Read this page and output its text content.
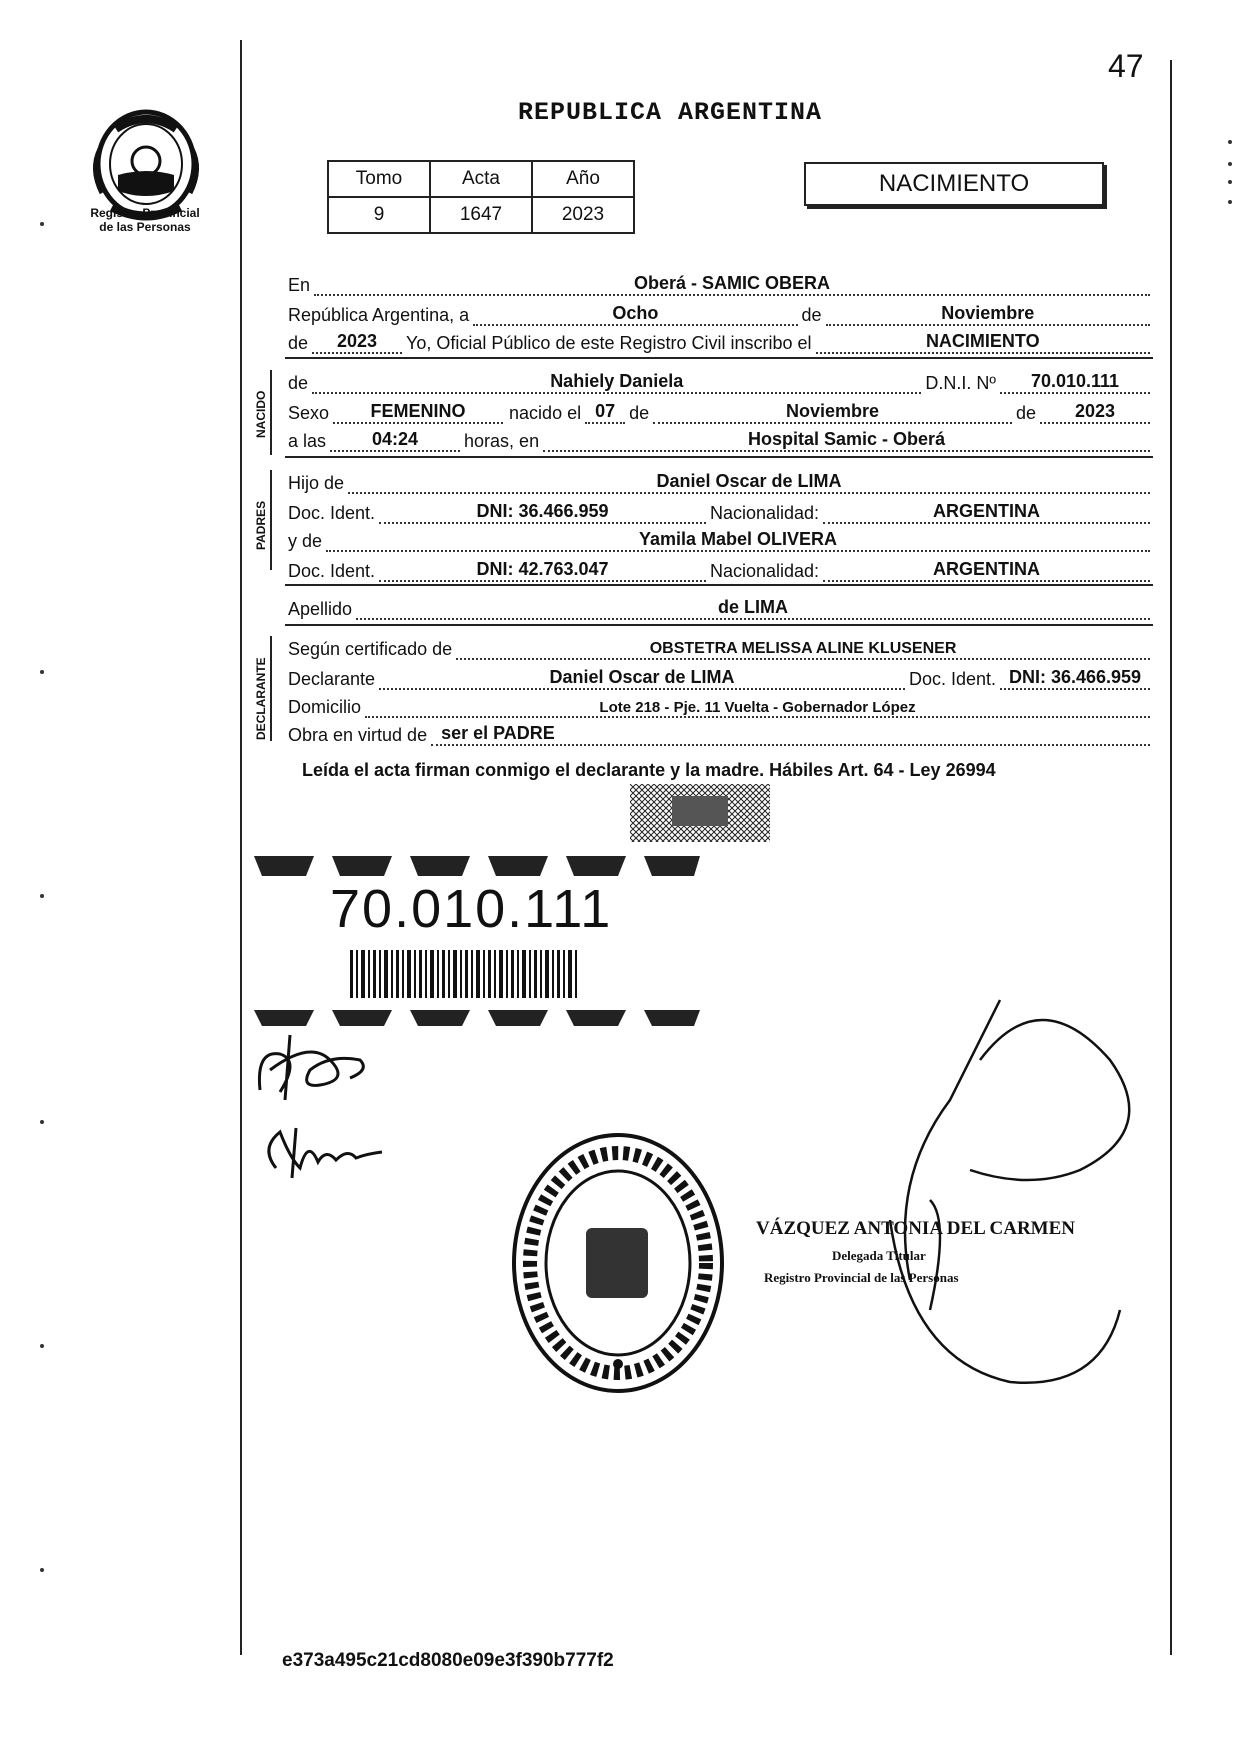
47
Registro Provincial
de las Personas
REPUBLICA ARGENTINA
Tomo	Acta	Año
9	1647	2023
NACIMIENTO
En	Oberá - SAMIC OBERA
República Argentina, a	Ocho	de	Noviembre
de	2023	Yo, Oficial Público de este Registro Civil inscribo el	NACIMIENTO
NACIDO
de	Nahiely Daniela	D.N.I. Nº	70.010.111
Sexo	FEMENINO	nacido el 07 de	Noviembre	de	2023
a las	04:24	horas, en	Hospital Samic - Oberá
PADRES
Hijo de	Daniel Oscar de LIMA
Doc. Ident.	DNI: 36.466.959	Nacionalidad:	ARGENTINA
y de	Yamila Mabel OLIVERA
Doc. Ident.	DNI: 42.763.047	Nacionalidad:	ARGENTINA
Apellido	de LIMA
DECLARANTE
Según certificado de	OBSTETRA MELISSA ALINE KLUSENER
Declarante	Daniel Oscar de LIMA	Doc. Ident. DNI: 36.466.959
Domicilio	Lote 218 - Pje. 11 Vuelta - Gobernador López
Obra en virtud de ser el PADRE
Leída el acta firman conmigo el declarante y la madre. Hábiles Art. 64 - Ley 26994
70.010.111
VÁZQUEZ ANTONIA DEL CARMEN
Delegada Titular
Registro Provincial de las Personas
e373a495c21cd8080e09e3f390b777f2
